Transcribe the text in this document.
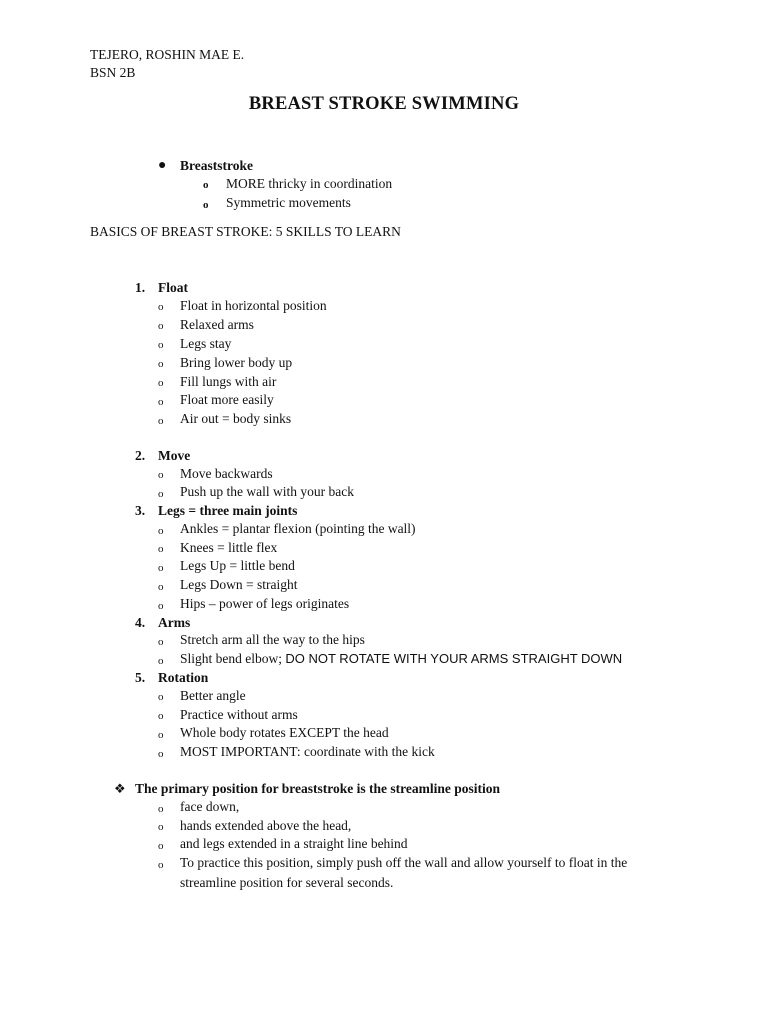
TEJERO, ROSHIN MAE E.
BSN 2B
BREAST STROKE SWIMMING
● Breaststroke
o MORE thricky in coordination
o Symmetric movements
BASICS OF BREAST STROKE: 5 SKILLS TO LEARN
1. Float
o Float in horizontal position
o Relaxed arms
o Legs stay
o Bring lower body up
o Fill lungs with air
o Float more easily
o Air out = body sinks
2. Move
o Move backwards
o Push up the wall with your back
3. Legs = three main joints
o Ankles = plantar flexion (pointing the wall)
o Knees = little flex
o Legs Up = little bend
o Legs Down = straight
o Hips – power of legs originates
4. Arms
o Stretch arm all the way to the hips
o Slight bend elbow; DO NOT ROTATE WITH YOUR ARMS STRAIGHT DOWN
5. Rotation
o Better angle
o Practice without arms
o Whole body rotates EXCEPT the head
o MOST IMPORTANT: coordinate with the kick
❖ The primary position for breaststroke is the streamline position
o face down,
o hands extended above the head,
o and legs extended in a straight line behind
o To practice this position, simply push off the wall and allow yourself to float in the
streamline position for several seconds.
